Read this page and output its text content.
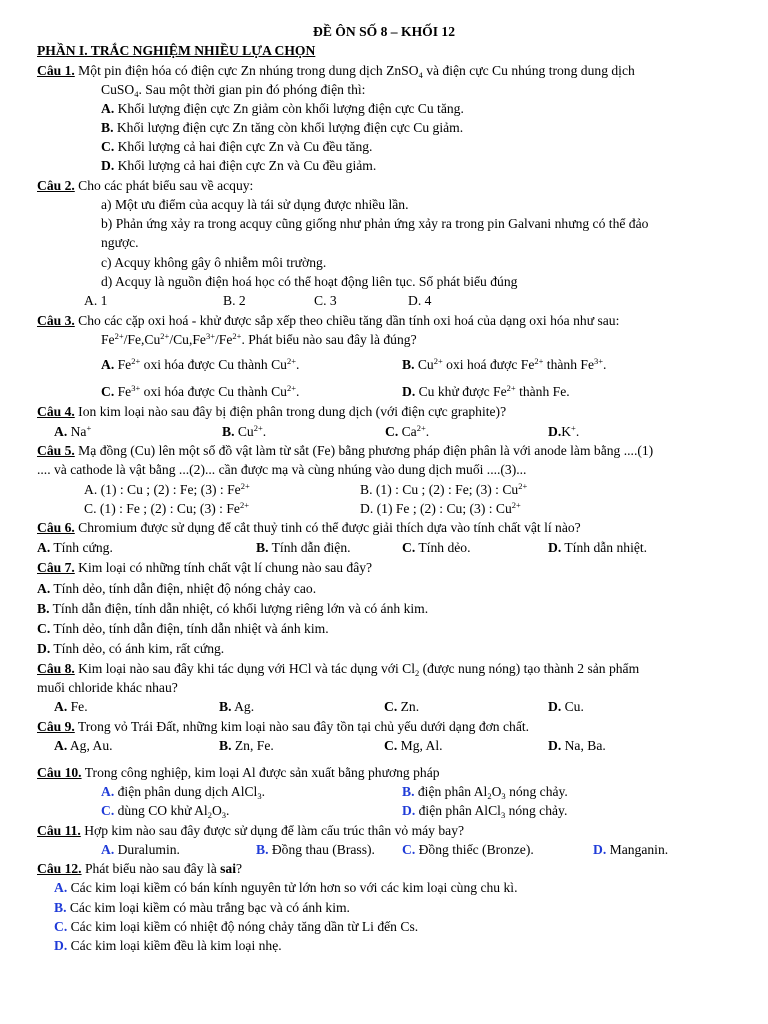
ĐỀ ÔN SỐ 8 – KHỐI 12
PHẦN I. TRẮC NGHIỆM NHIỀU LỰA CHỌN
Câu 1. Một pin điện hóa có điện cực Zn nhúng trong dung dịch ZnSO$_4$ và điện cực Cu nhúng trong dung dịch
CuSO$_4$. Sau một thời gian pin đó phóng điện thì:
A. Khối lượng điện cực Zn giảm còn khối lượng điện cực Cu tăng.
B. Khối lượng điện cực Zn tăng còn khối lượng điện cực Cu giảm.
C. Khối lượng cả hai điện cực Zn và Cu đều tăng.
D. Khối lượng cả hai điện cực Zn và Cu đều giảm.
Câu 2. Cho các phát biểu sau về acquy:
a) Một ưu điểm của acquy là tái sử dụng được nhiều lần.
b) Phản ứng xảy ra trong acquy cũng giống như phản ứng xảy ra trong pin Galvani nhưng có thể đảo
ngược.
c) Acquy không gây ô nhiễm môi trường.
d) Acquy là nguồn điện hoá học có thể hoạt động liên tục. Số phát biểu đúng
A. 1	B. 2	C. 3	D. 4
Câu 3. Cho các cặp oxi hoá - khử được sắp xếp theo chiều tăng dần tính oxi hoá của dạng oxi hóa như sau:
$Fe^{2+}/Fe,Cu^{2+}/Cu,Fe^{3+}/Fe^{2+}$. Phát biểu nào sau đây là đúng?
A. $Fe^{2+}$ oxi hóa được Cu thành $Cu^{2+}$.	B. $Cu^{2+}$ oxi hoá được $Fe^{2+}$ thành $Fe^{3+}$.
C. $Fe^{3+}$ oxi hóa được Cu thành $Cu^{2+}$.	D. Cu khử được $Fe^{2+}$ thành Fe.
Câu 4. Ion kim loại nào sau đây bị điện phân trong dung dịch (với điện cực graphite)?
A. Na+	B. $Cu^{2+}$.	C. $Ca^{2+}$.	D.K+.
Câu 5. Mạ đồng (Cu) lên một số đồ vật làm từ sắt (Fe) bằng phương pháp điện phân là với anode làm bằng ....(1)
.... và cathode là vật bằng ...(2)... cần được mạ và cùng nhúng vào dung dịch muối ....(3)...
A. (1) : Cu ; (2) : Fe; (3) : $Fe^{2+}$	B. (1) : Cu ; (2) : Fe; (3) : $Cu^{2+}$
C. (1) : Fe ; (2) : Cu; (3) : $Fe^{2+}$	D. (1) Fe ; (2) : Cu; (3) : $Cu^{2+}$
Câu 6. Chromium được sử dụng để cắt thuỷ tinh có thể được giải thích dựa vào tính chất vật lí nào?
A. Tính cứng.	B. Tính dẫn điện.	C. Tính dẻo.	D. Tính dẫn nhiệt.
Câu 7. Kim loại có những tính chất vật lí chung nào sau đây?
A. Tính dẻo, tính dẫn điện, nhiệt độ nóng chảy cao.
B. Tính dẫn điện, tính dẫn nhiệt, có khối lượng riêng lớn và có ánh kim.
C. Tính dẻo, tính dẫn điện, tính dẫn nhiệt và ánh kim.
D. Tính dẻo, có ánh kim, rất cứng.
Câu 8. Kim loại nào sau đây khi tác dụng với HCl và tác dụng với $Cl_2$ (được nung nóng) tạo thành 2 sản phẩm
muối chloride khác nhau?
A. Fe.	B. Ag.	C. Zn.	D. Cu.
Câu 9. Trong vỏ Trái Đất, những kim loại nào sau đây tồn tại chủ yếu dưới dạng đơn chất.
A. Ag, Au.	B. Zn, Fe.	C. Mg, Al.	D. Na, Ba.
Câu 10. Trong công nghiệp, kim loại Al được sản xuất bằng phương pháp
A. điện phân dung dịch AlCl$_3$.	B. điện phân $Al_2O_3$ nóng chảy.
C. dùng CO khử $Al_2O_3$.	D. điện phân AlCl$_3$ nóng chảy.
Câu 11. Hợp kim nào sau đây được sử dụng để làm cấu trúc thân vỏ máy bay?
A. Duralumin.	B. Đồng thau (Brass). C. Đồng thiếc (Bronze).	D. Manganin.
Câu 12. Phát biểu nào sau đây là sai?
A. Các kim loại kiềm có bán kính nguyên tử lớn hơn so với các kim loại cùng chu kì.
B. Các kim loại kiềm có màu trắng bạc và có ánh kim.
C. Các kim loại kiềm có nhiệt độ nóng chảy tăng dần từ Li đến Cs.
D. Các kim loại kiềm đều là kim loại nhẹ.
